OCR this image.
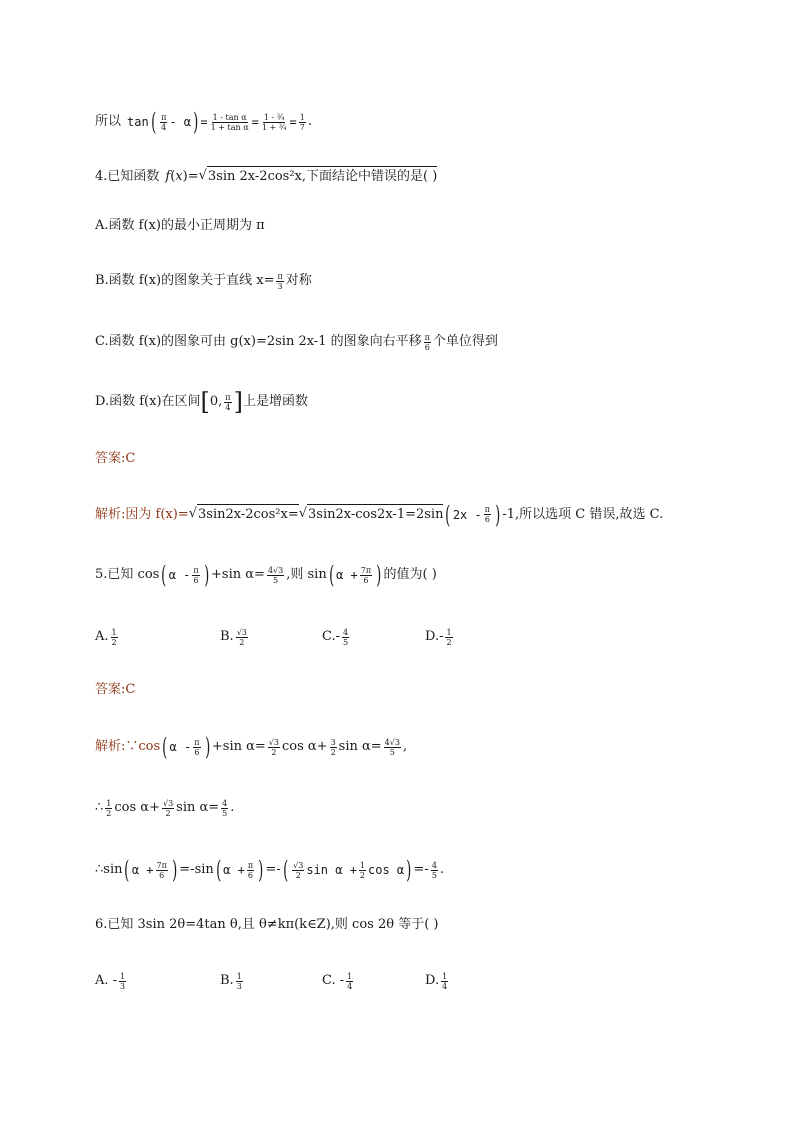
所以 tan ( $\frac{\pi}{4}$ - α ) = $\frac{\text{1 - tan α}}{\text{1 + tan α}} = \frac{\text{1 - ¾}}{\text{1 + ¾}} = \frac{1}{7}$ .
4.已知函数 f ( x ) = √ 3sin 2x-2cos²x,下面结论中错误的是( )
A.函数 f(x)的最小正周期为 π
B.函数 f(x)的图象关于直线 $x= \frac{\pi}{3}$ 对称
C.函数 f(x)的图象可由 g(x)=2sin 2x-1 的图象向右平移 $\frac{\pi}{6}$ 个单位得到
D.函数 f(x)在区间 [ 0, $\frac{\pi}{4}$ ] 上是增函数
答案:C
解析:因为 f(x)= √ 3sin2x-2cos²x= √ 3sin2x-cos2x-1=2sin ( $2x - \frac{\pi}{6}$ ) -1,所以选项 C 错误,故选 C.
5.已知 cos ( α - $\frac{\pi}{6}$ ) +sin $\alpha= \frac{4√3}{5}$ ,则 sin ( $\alpha + \frac{7\pi}{6}$ ) 的值为( )
A. $\frac{1}{2}$	B. $\frac{√3}{2}$	$C.- \frac{4}{5}$	$D.- \frac{1}{2}$
答案:C
解析:∵cos ( α - $\frac{\pi}{6}$ ) +sin $\alpha= \frac{√3}{2}$ $\cos \alpha+ \frac{3}{2}$ $\sin \alpha= \frac{4√3}{5}$ ,
∴ $\frac{1}{2}$ $\cos \alpha+ \frac{√3}{2}$ $\sin \alpha= \frac{4}{5}$ .
∴sin ( $\alpha + \frac{7\pi}{6}$ ) =-sin ( $\alpha + \frac{\pi}{6}$ ) =- ( $\frac{√3}{2}$ $\sin \alpha + \frac{1}{2}$ cos α ) =- $\frac{4}{5}$ .
6.已知 3sin 2θ=4tan θ,且 θ≠kπ(k∈Z),则 cos 2θ 等于( )
A. - $\frac{1}{3}$	B. $\frac{1}{3}$	C. - $\frac{1}{4}$	D. $\frac{1}{4}$
